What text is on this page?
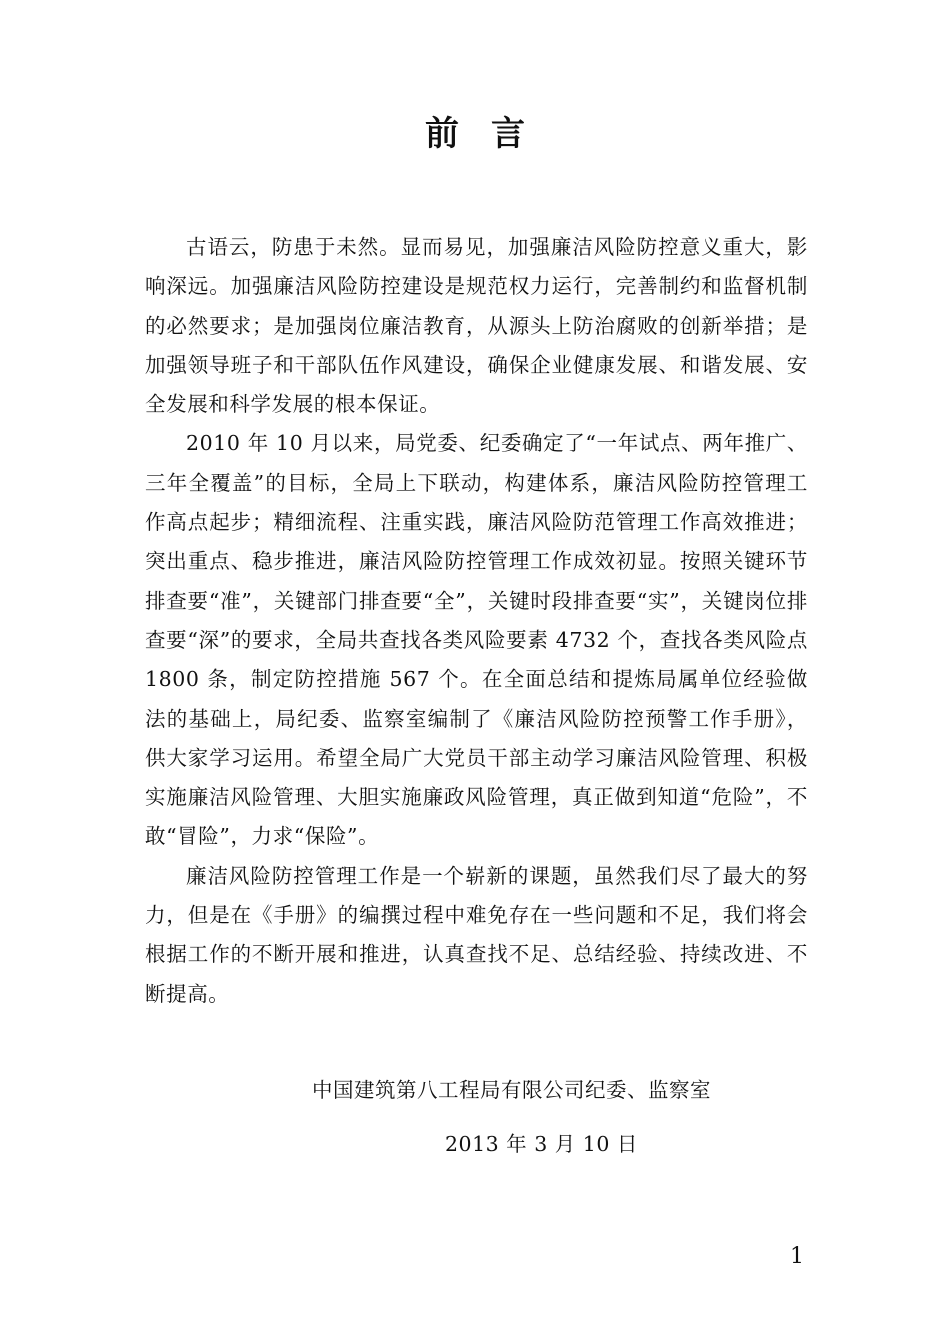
前言

古语云，防患于未然。显而易见，加强廉洁风险防控意义重大，影响深远。加强廉洁风险防控建设是规范权力运行，完善制约和监督机制的必然要求；是加强岗位廉洁教育，从源头上防治腐败的创新举措；是加强领导班子和干部队伍作风建设，确保企业健康发展、和谐发展、安全发展和科学发展的根本保证。

2010 年 10 月以来，局党委、纪委确定了“一年试点、两年推广、三年全覆盖”的目标，全局上下联动，构建体系，廉洁风险防控管理工作高点起步；精细流程、注重实践，廉洁风险防范管理工作高效推进；突出重点、稳步推进，廉洁风险防控管理工作成效初显。按照关键环节排查要“准”，关键部门排查要“全”，关键时段排查要“实”，关键岗位排查要“深”的要求，全局共查找各类风险要素 4732 个，查找各类风险点 1800 条，制定防控措施 567 个。在全面总结和提炼局属单位经验做法的基础上，局纪委、监察室编制了《廉洁风险防控预警工作手册》，供大家学习运用。希望全局广大党员干部主动学习廉洁风险管理、积极实施廉洁风险管理、大胆实施廉政风险管理，真正做到知道“危险”，不敢“冒险”，力求“保险”。

廉洁风险防控管理工作是一个崭新的课题，虽然我们尽了最大的努力，但是在《手册》的编撰过程中难免存在一些问题和不足，我们将会根据工作的不断开展和推进，认真查找不足、总结经验、持续改进、不断提高。

中国建筑第八工程局有限公司纪委、监察室
2013 年 3 月 10 日
1
